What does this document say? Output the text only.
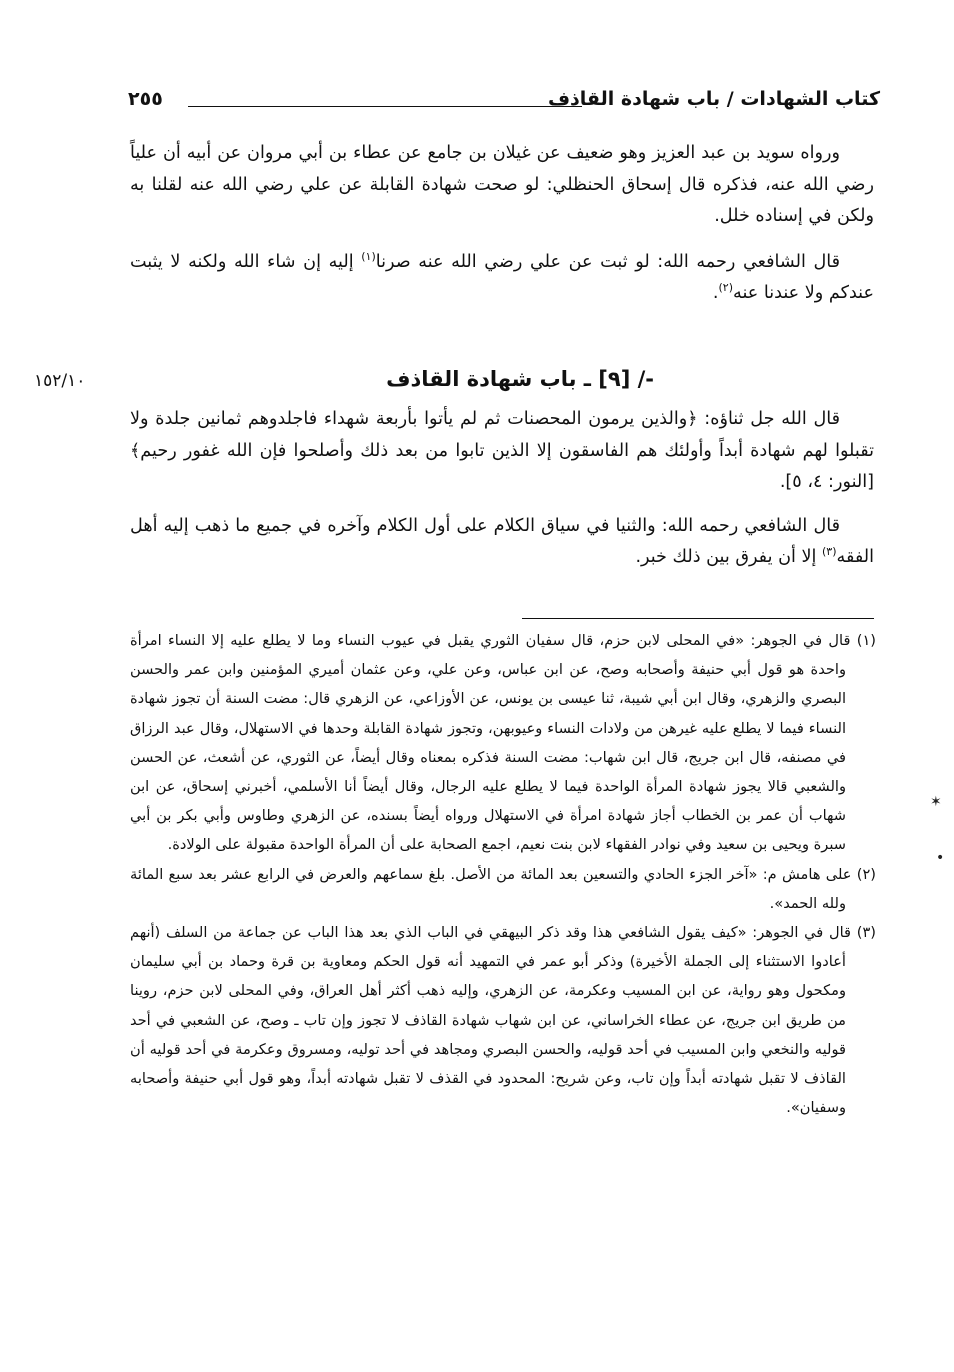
كتاب الشهادات / باب شهادة القاذف
٢٥٥

ورواه سويد بن عبد العزيز وهو ضعيف عن غيلان بن جامع عن عطاء بن أبي مروان عن أبيه أن علياً رضي الله عنه، فذكره قال إسحاق الحنظلي: لو صحت شهادة القابلة عن علي رضي الله عنه لقلنا به ولكن في إسناده خلل.

قال الشافعي رحمه الله: لو ثبت عن علي رضي الله عنه صرنا$^{(١)}$ إليه إن شاء الله ولكنه لا يثبت عندكم ولا عندنا عنه$^{(٢)}$.

-/ [٩] ـ باب شهادة القاذف
١٥٢/١٠

قال الله جل ثناؤه: ﴿والذين يرمون المحصنات ثم لم يأتوا بأربعة شهداء فاجلدوهم ثمانين جلدة ولا تقبلوا لهم شهادة أبداً وأولئك هم الفاسقون إلا الذين تابوا من بعد ذلك وأصلحوا فإن الله غفور رحيم﴾ [النور: ٤، ٥].

قال الشافعي رحمه الله: والثنيا في سياق الكلام على أول الكلام وآخره في جميع ما ذهب إليه أهل الفقه$^{(٣)}$ إلا أن يفرق بين ذلك خبر.

(١) قال في الجوهر: «في المحلى لابن حزم، قال سفيان الثوري يقبل في عيوب النساء وما لا يطلع عليه إلا النساء امرأة واحدة هو قول أبي حنيفة وأصحابه وصح، عن ابن عباس، وعن علي، وعن عثمان أميري المؤمنين وابن عمر والحسن البصري والزهري، وقال ابن أبي شيبة، ثنا عيسى بن يونس، عن الأوزاعي، عن الزهري قال: مضت السنة أن تجوز شهادة النساء فيما لا يطلع عليه غيرهن من ولادات النساء وعيوبهن، وتجوز شهادة القابلة وحدها في الاستهلال، وقال عبد الرزاق في مصنفه، قال ابن جريج، قال ابن شهاب: مضت السنة فذكره بمعناه وقال أيضاً، عن الثوري، عن أشعث، عن الحسن والشعبي قالا يجوز شهادة المرأة الواحدة فيما لا يطلع عليه الرجال، وقال أيضاً أنا الأسلمي، أخبرني إسحاق، عن ابن شهاب أن عمر بن الخطاب أجاز شهادة امرأة في الاستهلال ورواه أيضاً بسنده، عن الزهري وطاوس وأبي بكر بن أبي سبرة ويحيى بن سعيد وفي نوادر الفقهاء لابن بنت نعيم، اجمع الصحابة على أن المرأة الواحدة مقبولة على الولادة.

(٢) على هامش م: «آخر الجزء الحادي والتسعين بعد المائة من الأصل. بلغ سماعهم والعرض في الرابع عشر بعد سبع المائة ولله الحمد».

(٣) قال في الجوهر: «كيف يقول الشافعي هذا وقد ذكر البيهقي في الباب الذي بعد هذا الباب عن جماعة من السلف (أنهم أعادوا الاستثناء إلى الجملة الأخيرة) وذكر أبو عمر في التمهيد أنه قول الحكم ومعاوية بن قرة وحماد بن أبي سليمان ومكحول وهو رواية، عن ابن المسيب وعكرمة، عن الزهري، وإليه ذهب أكثر أهل العراق، وفي المحلى لابن حزم، روينا من طريق ابن جريج، عن عطاء الخراساني، عن ابن شهاب شهادة القاذف لا تجوز وإن تاب ـ وصح، عن الشعبي في أحد قوليه والنخعي وابن المسيب في أحد قوليه، والحسن البصري ومجاهد في أحد توليه، ومسروق وعكرمة في أحد قوليه أن القاذف لا تقبل شهادته أبداً وإن تاب، وعن شريح: المحدود في القذف لا تقبل شهادته أبداً، وهو قول أبي حنيفة وأصحابه وسفيان».

✶
•
